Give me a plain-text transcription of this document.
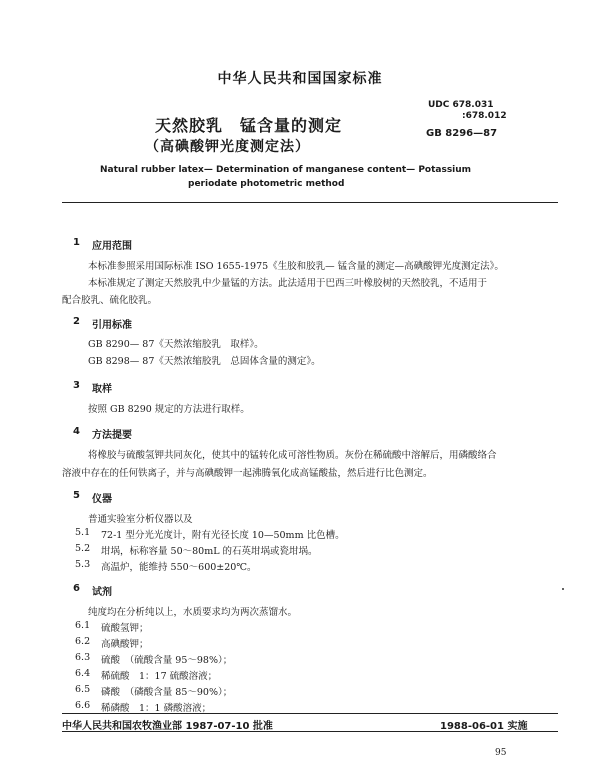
中华人民共和国国家标准
UDC 678.031
:678.012
GB 8296—87
天然胶乳　锰含量的测定
（高碘酸钾光度测定法）
Natural rubber latex— Determination of manganese content— Potassium
periodate photometric method
1 应用范围
本标准参照采用国际标准 ISO 1655-1975《生胶和胶乳— 锰含量的测定—高碘酸钾光度测定法》。
本标准规定了测定天然胶乳中少量锰的方法。此法适用于巴西三叶橡胶树的天然胶乳，不适用于
配合胶乳、硫化胶乳。
2 引用标准
GB 8290— 87《天然浓缩胶乳　取样》。
GB 8298— 87《天然浓缩胶乳　总固体含量的测定》。
3 取样
按照 GB 8290 规定的方法进行取样。
4 方法提要
将橡胶与硫酸氢钾共同灰化，使其中的锰转化成可溶性物质。灰份在稀硫酸中溶解后，用磷酸络合
溶液中存在的任何铁离子，并与高碘酸钾一起沸腾氧化成高锰酸盐，然后进行比色测定。
5 仪器
普通实验室分析仪器以及
5.1 72-1 型分光光度计，附有光径长度 10—50mm 比色槽。
5.2 坩埚，标称容量 50～80mL 的石英坩埚或瓷坩埚。
5.3 高温炉，能维持 550～600±20℃。
6 试剂
纯度均在分析纯以上，水质要求均为两次蒸馏水。
6.1 硫酸氢钾；
6.2 高碘酸钾；
6.3 硫酸　（硫酸含量 95～98%）；
6.4 稀硫酸　1：17 硫酸溶液；
6.5 磷酸　（磷酸含量 85～90%）；
6.6 稀磷酸　1：1 磷酸溶液；
中华人民共和国农牧渔业部 1987-07-10 批准	1988-06-01 实施
95
